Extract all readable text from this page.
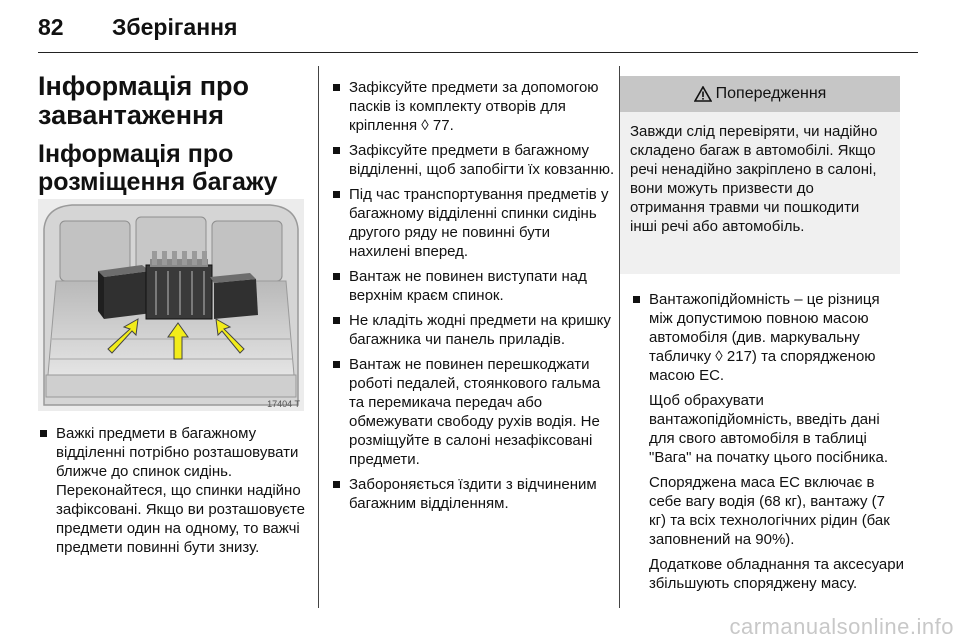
82 Зберігання
Інформація про завантаження
Інформація про розміщення багажу
17404 T
Важкі предмети в багажному відділенні потрібно розташовувати ближче до спинок сидінь. Переконайтеся, що спинки надійно зафіксовані. Якщо ви розташовуєте предмети один на одному, то важчі предмети повинні бути знизу.
Зафіксуйте предмети за допомогою пасків із комплекту отворів для кріплення ◊ 77.
Зафіксуйте предмети в багажному відділенні, щоб запобігти їх ковзанню.
Під час транспортування предметів у багажному відділенні спинки сидінь другого ряду не повинні бути нахилені вперед.
Вантаж не повинен виступати над верхнім краєм спинок.
Не кладіть жодні предмети на кришку багажника чи панель приладів.
Вантаж не повинен перешкоджати роботі педалей, стоянкового гальма та перемикача передач або обмежувати свободу рухів водія. Не розміщуйте в салоні незафіксовані предмети.
Забороняється їздити з відчиненим багажним відділенням.
Попередження
Завжди слід перевіряти, чи надійно складено багаж в автомобілі. Якщо речі ненадійно закріплено в салоні, вони можуть призвести до отримання травми чи пошкодити інші речі або автомобіль.

Вантажопідйомність – це різниця між допустимою повною масою автомобіля (див. маркувальну табличку ◊ 217) та спорядженою масою ЕС.

Щоб обрахувати вантажопідйомність, введіть дані для свого автомобіля в таблиці "Вага" на початку цього посібника.

Споряджена маса ЕС включає в себе вагу водія (68 кг), вантажу (7 кг) та всіх технологічних рідин (бак заповнений на 90%).

Додаткове обладнання та аксесуари збільшують споряджену масу.

carmanualsonline.info
